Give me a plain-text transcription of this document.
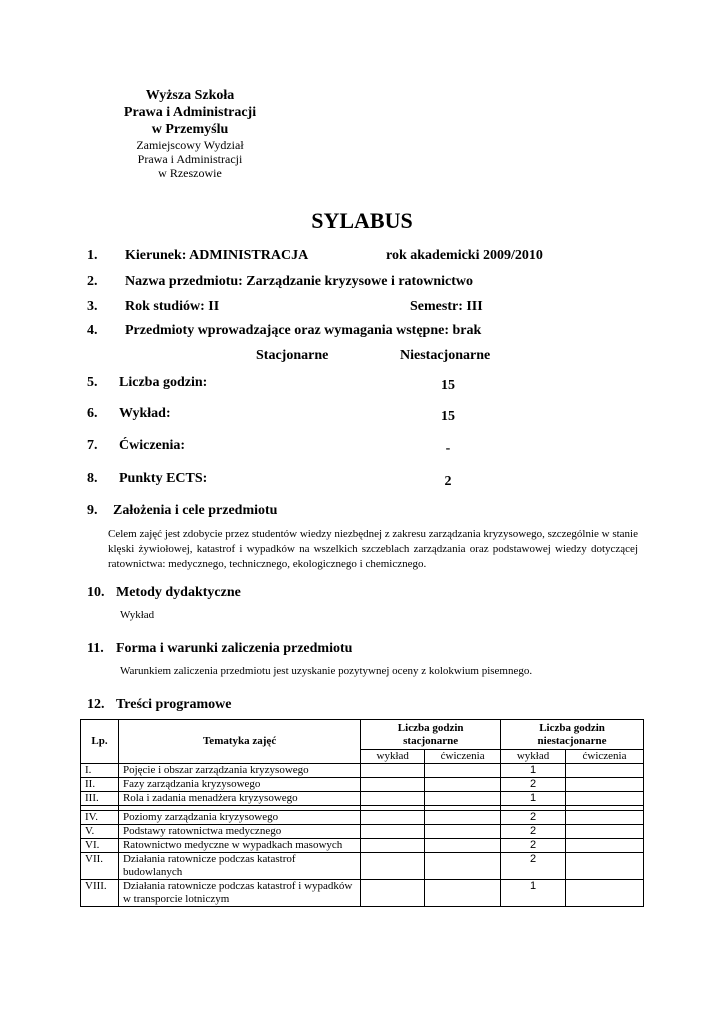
Wyższa Szkoła
Prawa i Administracji
w Przemyślu
Zamiejscowy Wydział
Prawa i Administracji
w Rzeszowie
SYLABUS
1. Kierunek: ADMINISTRACJA	rok akademicki 2009/2010
2. Nazwa przedmiotu: Zarządzanie kryzysowe i ratownictwo
3. Rok studiów: II	Semestr: III
4. Przedmioty wprowadzające oraz wymagania wstępne: brak
Stacjonarne	Niestacjonarne
5. Liczba godzin:	15
6. Wykład:	15
7. Ćwiczenia:	-
8. Punkty ECTS:	2
9. Założenia i cele przedmiotu
Celem zajęć jest zdobycie przez studentów wiedzy niezbędnej z zakresu zarządzania kryzysowego, szczególnie w stanie klęski żywiołowej, katastrof i wypadków na wszelkich szczeblach zarządzania oraz podstawowej wiedzy dotyczącej ratownictwa: medycznego, technicznego, ekologicznego i chemicznego.
10. Metody dydaktyczne
Wykład
11. Forma i warunki zaliczenia przedmiotu
Warunkiem zaliczenia przedmiotu jest uzyskanie pozytywnej oceny z kolokwium pisemnego.
12. Treści programowe
Lp.	Tematyka zajęć	Liczba godzin stacjonarne		Liczba godzin niestacjonarne	
		wykład	ćwiczenia	wykład	ćwiczenia
I.	Pojęcie i obszar zarządzania kryzysowego			1	
II.	Fazy zarządzania kryzysowego			2	
III.	Rola i zadania menadżera kryzysowego			1	

IV.	Poziomy zarządzania kryzysowego			2	
V.	Podstawy ratownictwa medycznego			2	
VI.	Ratownictwo medyczne w wypadkach masowych			2	
VII.	Działania ratownicze podczas katastrof budowlanych			2	
VIII.	Działania ratownicze podczas katastrof i wypadków w transporcie lotniczym			1	
